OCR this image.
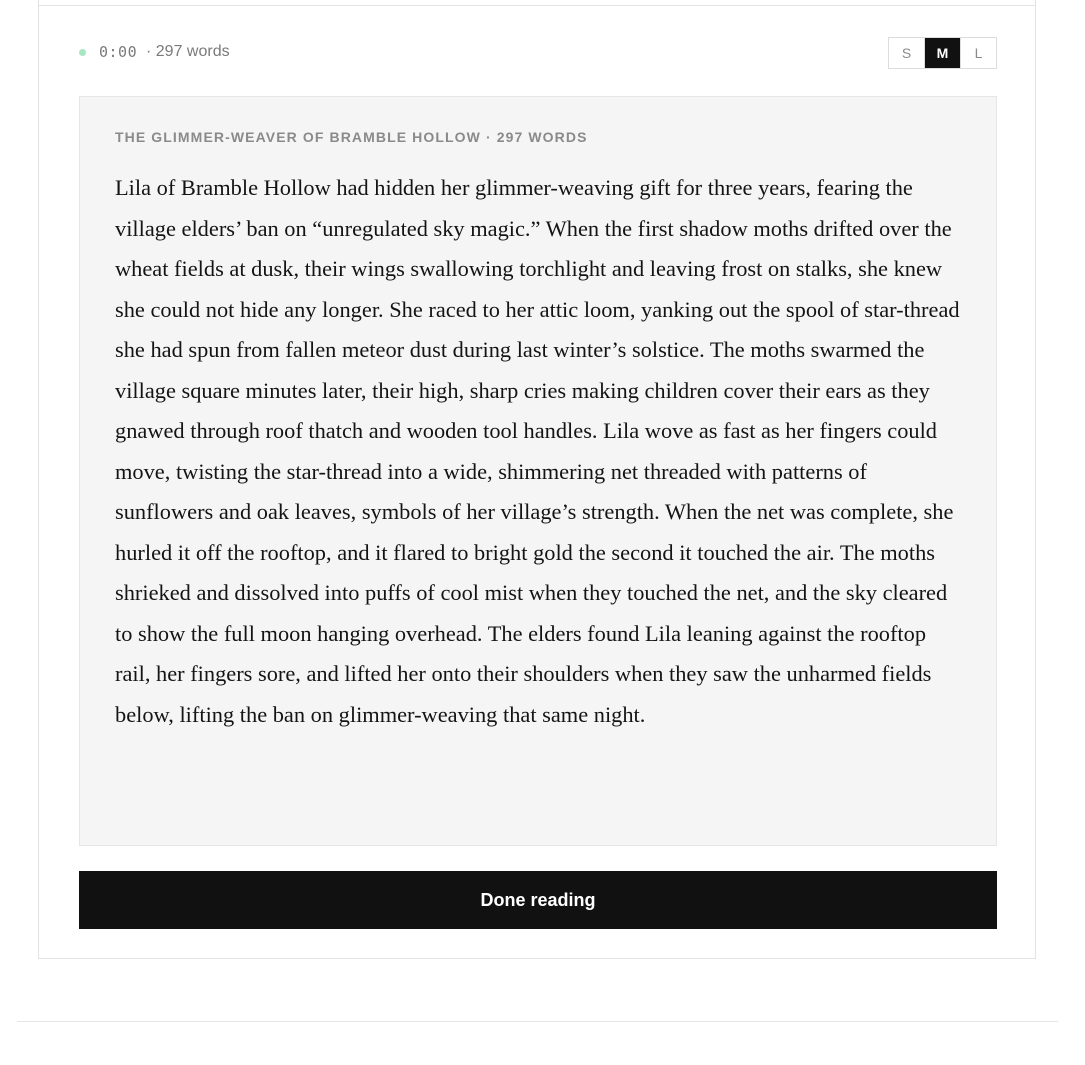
0:00 · 297 words	S	M	L
THE GLIMMER-WEAVER OF BRAMBLE HOLLOW · 297 WORDS

Lila of Bramble Hollow had hidden her glimmer-weaving gift for three years, fearing the village elders’ ban on “unregulated sky magic.” When the first shadow moths drifted over the wheat fields at dusk, their wings swallowing torchlight and leaving frost on stalks, she knew she could not hide any longer. She raced to her attic loom, yanking out the spool of star-thread she had spun from fallen meteor dust during last winter’s solstice. The moths swarmed the village square minutes later, their high, sharp cries making children cover their ears as they gnawed through roof thatch and wooden tool handles. Lila wove as fast as her fingers could move, twisting the star-thread into a wide, shimmering net threaded with patterns of sunflowers and oak leaves, symbols of her village’s strength. When the net was complete, she hurled it off the rooftop, and it flared to bright gold the second it touched the air. The moths shrieked and dissolved into puffs of cool mist when they touched the net, and the sky cleared to show the full moon hanging overhead. The elders found Lila leaning against the rooftop rail, her fingers sore, and lifted her onto their shoulders when they saw the unharmed fields below, lifting the ban on glimmer-weaving that same night.

Done reading
